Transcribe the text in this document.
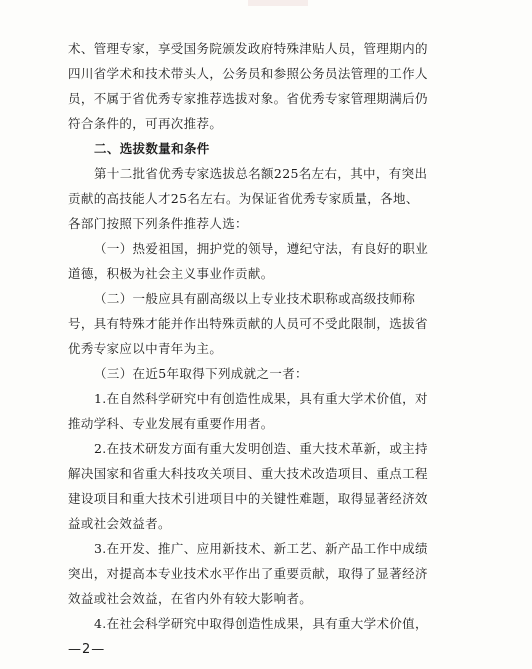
术、管理专家，享受国务院颁发政府特殊津贴人员，管理期内的
四川省学术和技术带头人，公务员和参照公务员法管理的工作人
员，不属于省优秀专家推荐选拔对象。省优秀专家管理期满后仍
符合条件的，可再次推荐。
二、选拔数量和条件
第十二批省优秀专家选拔总名额225名左右，其中，有突出
贡献的高技能人才25名左右。为保证省优秀专家质量，各地、
各部门按照下列条件推荐人选：
（一）热爱祖国，拥护党的领导，遵纪守法，有良好的职业
道德，积极为社会主义事业作贡献。
（二）一般应具有副高级以上专业技术职称或高级技师称
号，具有特殊才能并作出特殊贡献的人员可不受此限制，选拔省
优秀专家应以中青年为主。
（三）在近5年取得下列成就之一者：
1.在自然科学研究中有创造性成果，具有重大学术价值，对
推动学科、专业发展有重要作用者。
2.在技术研发方面有重大发明创造、重大技术革新，或主持
解决国家和省重大科技攻关项目、重大技术改造项目、重点工程
建设项目和重大技术引进项目中的关键性难题，取得显著经济效
益或社会效益者。
3.在开发、推广、应用新技术、新工艺、新产品工作中成绩
突出，对提高本专业技术水平作出了重要贡献，取得了显著经济
效益或社会效益，在省内外有较大影响者。
4.在社会科学研究中取得创造性成果，具有重大学术价值，
—2—
